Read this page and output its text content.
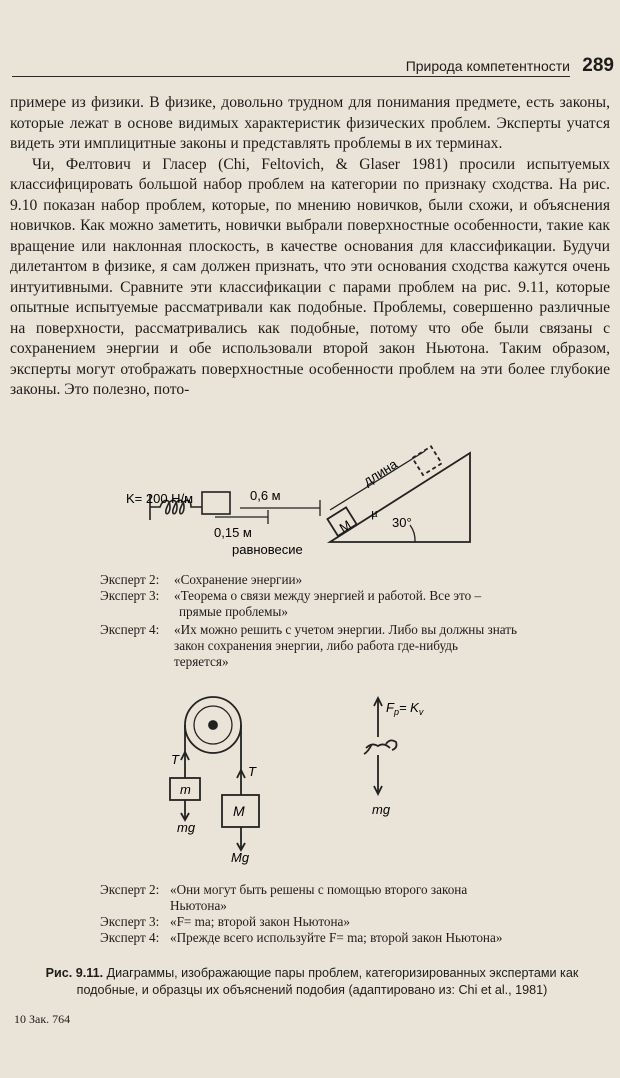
Природа компетентности 289

примере из физики. В физике, довольно трудном для понимания предмете, есть законы, которые лежат в основе видимых характеристик физических проблем. Эксперты учатся видеть эти имплицитные законы и представлять проблемы в их терминах.

Чи, Фелтович и Гласер (Chi, Feltovich, & Glaser 1981) просили испытуемых классифицировать большой набор проблем на категории по признаку сходства. На рис. 9.10 показан набор проблем, которые, по мнению новичков, были схожи, и объяснения новичков. Как можно заметить, новички выбрали поверхностные особенности, такие как вращение или наклонная плоскость, в качестве основания для классификации. Будучи дилетантом в физике, я сам должен признать, что эти основания сходства кажутся очень интуитивными. Сравните эти классификации с парами проблем на рис. 9.11, которые опытные испытуемые рассматривали как подобные. Проблемы, совершенно различные на поверхности, рассматривались как подобные, потому что обе были связаны с сохранением энергии и обе использовали второй закон Ньютона. Таким образом, эксперты могут отображать поверхностные особенности проблем на эти более глубокие законы. Это полезно, пото-

K= 200 Н/м	0,6 м
0,15 м
равновесие
длина
M
μ
30°
T
T
m
M
mg
Mg
$F_p= K_v$
mg
Эксперт 2: «Сохранение энергии»
Эксперт 3: «Теорема о связи между энергией и работой. Все это –
прямые проблемы»
Эксперт 4: «Их можно решить с учетом энергии. Либо вы должны знать
закон сохранения энергии, либо работа где-нибудь
теряется»
Эксперт 2: «Они могут быть решены с помощью второго закона
Ньютона»
Эксперт 3: «F= ma; второй закон Ньютона»
Эксперт 4: «Прежде всего используйте F= ma; второй закон Ньютона»
Рис. 9.11. Диаграммы, изображающие пары проблем, категоризированных экспертами как подобные, и образцы их объяснений подобия (адаптировано из: Chi et al., 1981)
10 Зак. 764
